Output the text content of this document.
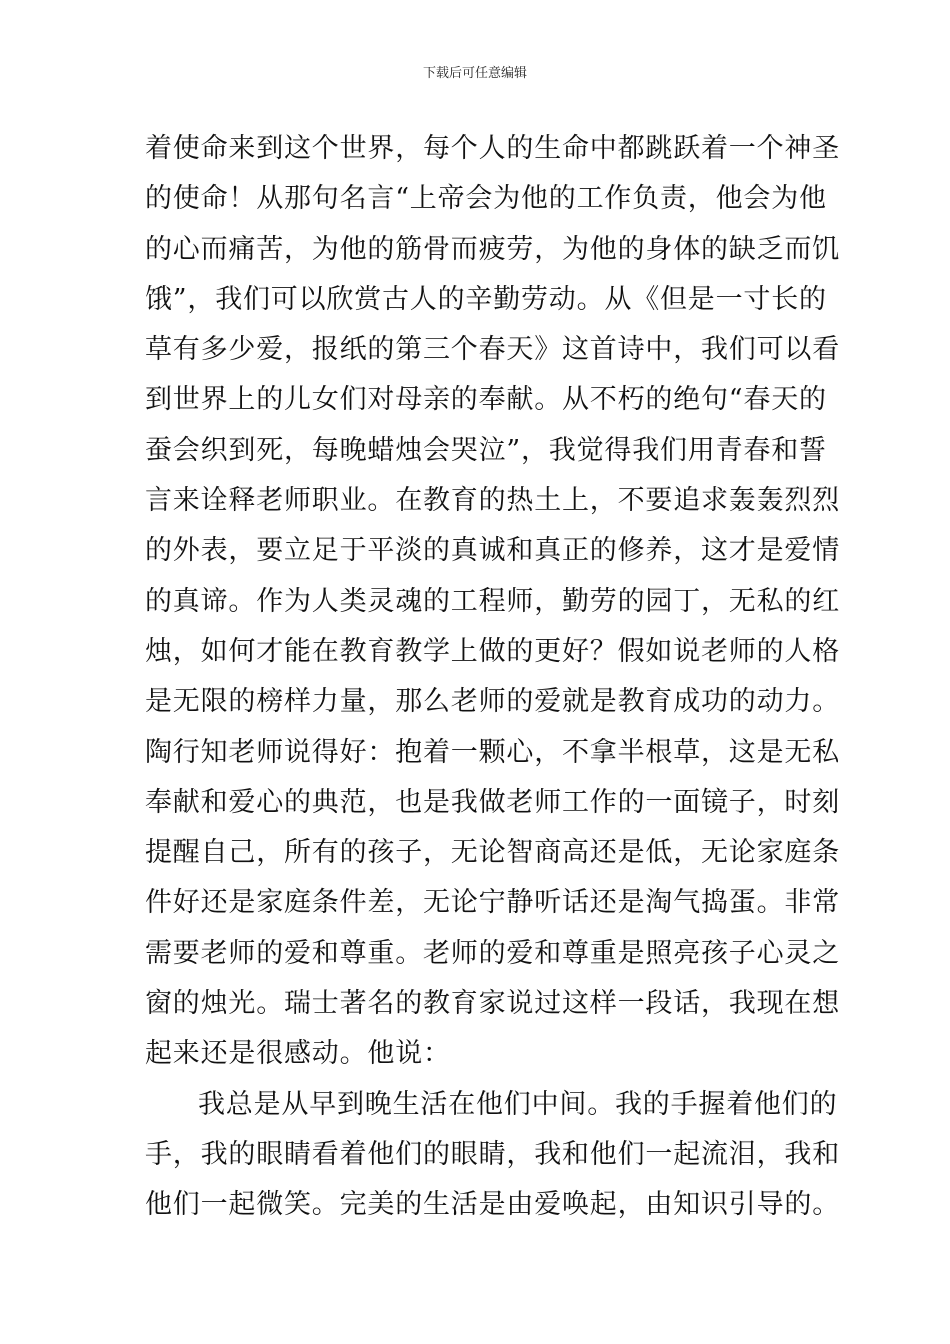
下载后可任意编辑
着使命来到这个世界，每个人的生命中都跳跃着一个神圣
的使命！从那句名言“上帝会为他的工作负责，他会为他
的心而痛苦，为他的筋骨而疲劳，为他的身体的缺乏而饥
饿”，我们可以欣赏古人的辛勤劳动。从《但是一寸长的
草有多少爱，报纸的第三个春天》这首诗中，我们可以看
到世界上的儿女们对母亲的奉献。从不朽的绝句“春天的
蚕会织到死，每晚蜡烛会哭泣”，我觉得我们用青春和誓
言来诠释老师职业。在教育的热土上，不要追求轰轰烈烈
的外表，要立足于平淡的真诚和真正的修养，这才是爱情
的真谛。作为人类灵魂的工程师，勤劳的园丁，无私的红
烛，如何才能在教育教学上做的更好？假如说老师的人格
是无限的榜样力量，那么老师的爱就是教育成功的动力。
陶行知老师说得好：抱着一颗心，不拿半根草，这是无私
奉献和爱心的典范，也是我做老师工作的一面镜子，时刻
提醒自己，所有的孩子，无论智商高还是低，无论家庭条
件好还是家庭条件差，无论宁静听话还是淘气捣蛋。非常
需要老师的爱和尊重。老师的爱和尊重是照亮孩子心灵之
窗的烛光。瑞士著名的教育家说过这样一段话，我现在想
起来还是很感动。他说：
我总是从早到晚生活在他们中间。我的手握着他们的
手，我的眼睛看着他们的眼睛，我和他们一起流泪，我和
他们一起微笑。完美的生活是由爱唤起，由知识引导的。
